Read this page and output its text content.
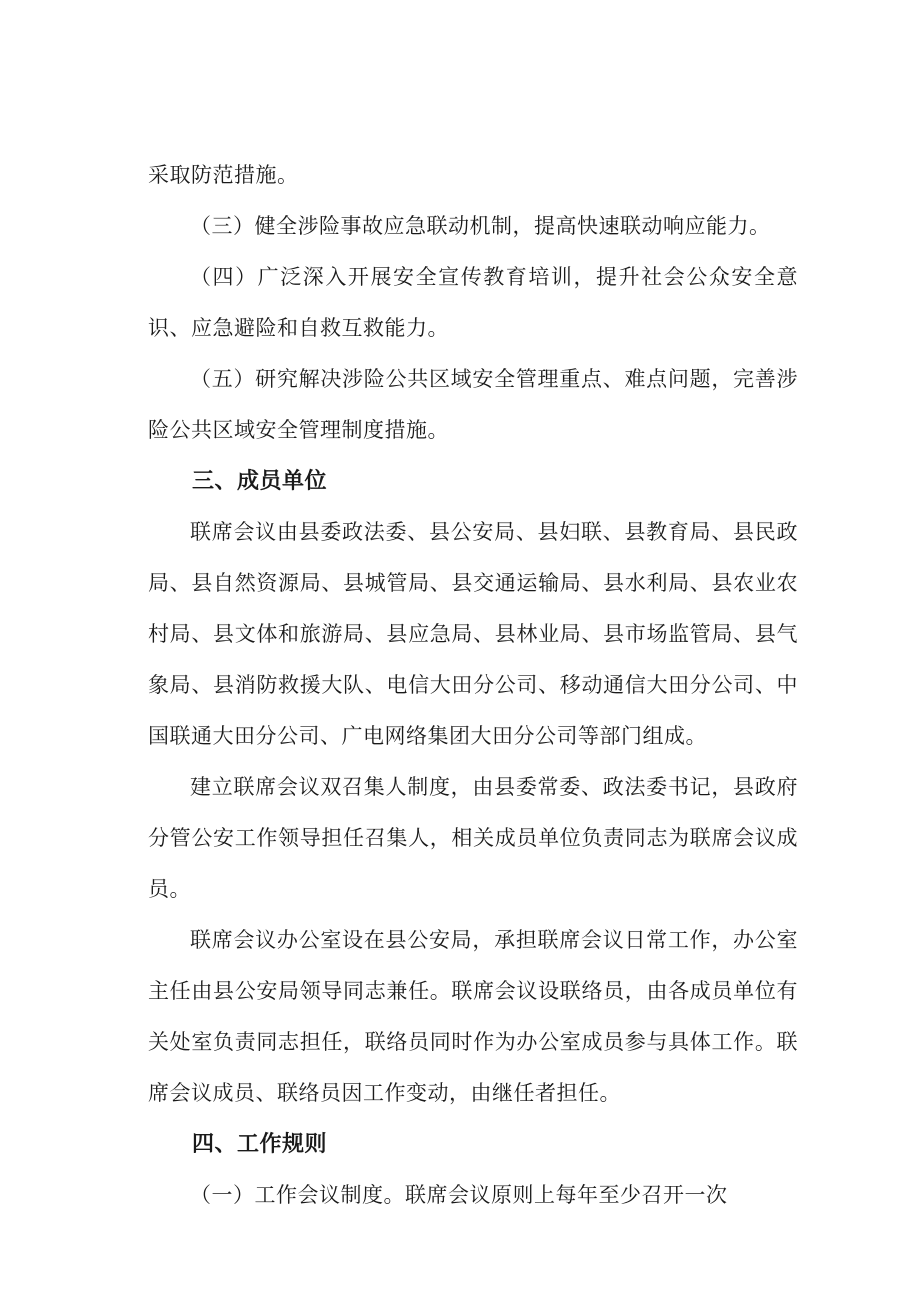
采取防范措施。

（三）健全涉险事故应急联动机制，提高快速联动响应能力。

（四）广泛深入开展安全宣传教育培训，提升社会公众安全意识、应急避险和自救互救能力。

（五）研究解决涉险公共区域安全管理重点、难点问题，完善涉险公共区域安全管理制度措施。

三、成员单位

联席会议由县委政法委、县公安局、县妇联、县教育局、县民政局、县自然资源局、县城管局、县交通运输局、县水利局、县农业农村局、县文体和旅游局、县应急局、县林业局、县市场监管局、县气象局、县消防救援大队、电信大田分公司、移动通信大田分公司、中国联通大田分公司、广电网络集团大田分公司等部门组成。

建立联席会议双召集人制度，由县委常委、政法委书记，县政府分管公安工作领导担任召集人，相关成员单位负责同志为联席会议成员。

联席会议办公室设在县公安局，承担联席会议日常工作，办公室主任由县公安局领导同志兼任。联席会议设联络员，由各成员单位有关处室负责同志担任，联络员同时作为办公室成员参与具体工作。联席会议成员、联络员因工作变动，由继任者担任。

四、工作规则

（一）工作会议制度。联席会议原则上每年至少召开一次
